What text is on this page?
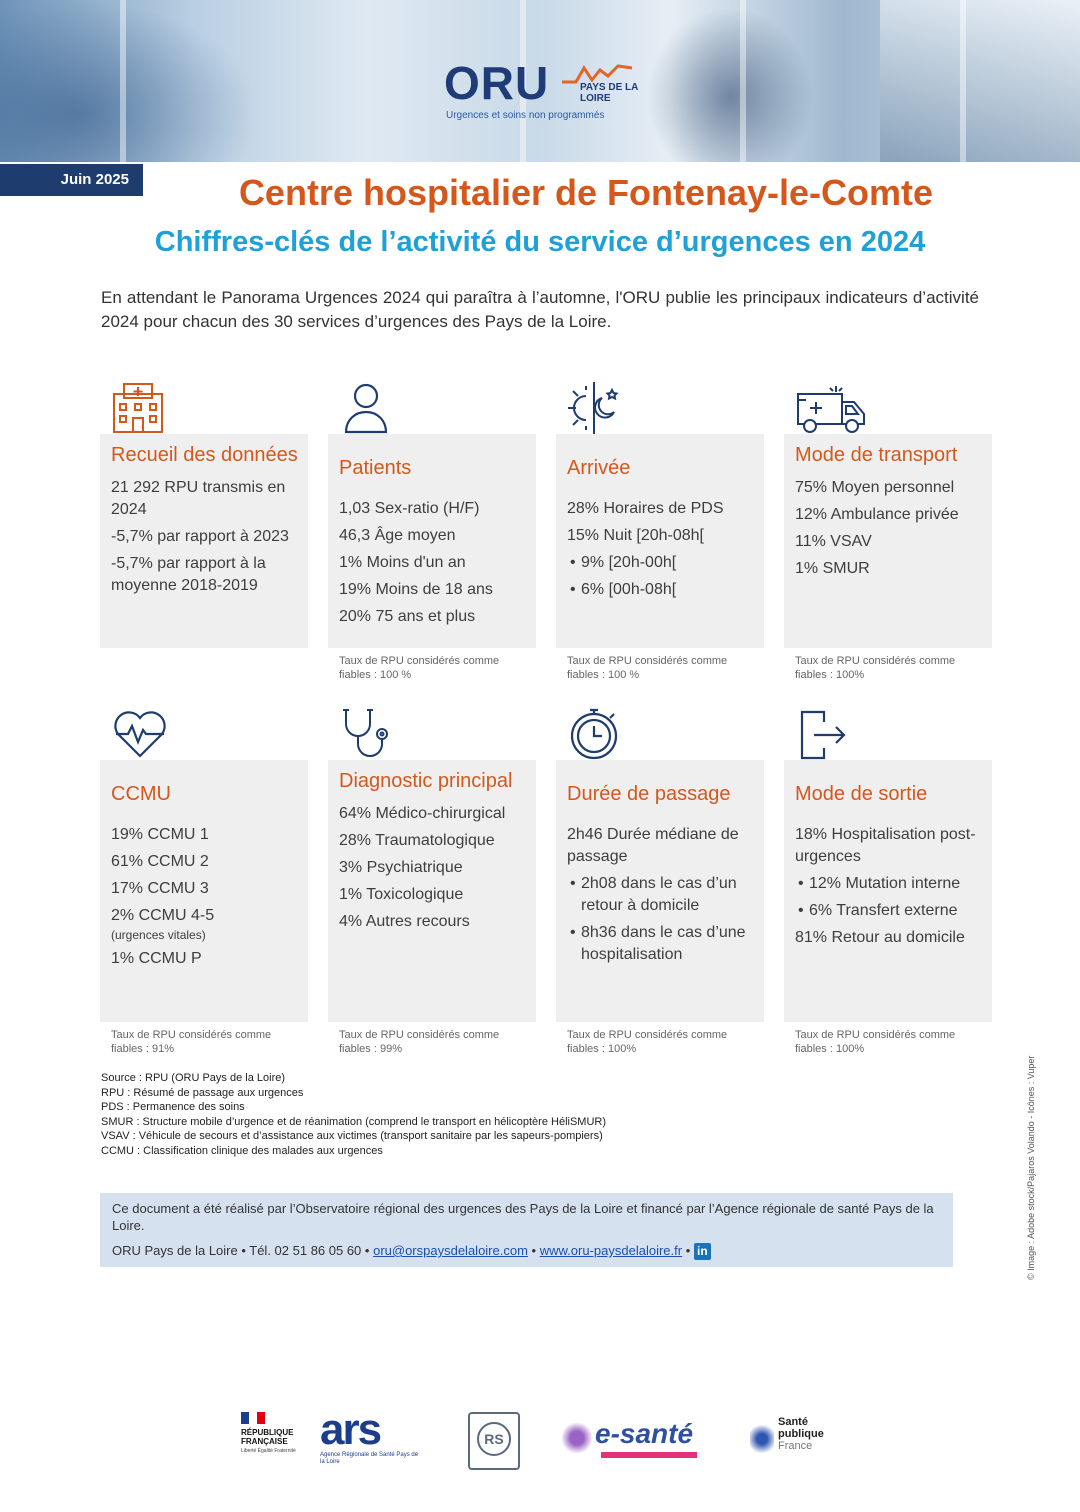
ORU	PAYS DE LA LOIRE
Urgences et soins non programmés
Juin 2025	Centre hospitalier de Fontenay-le-Comte
Chiffres-clés de l’activité du service d’urgences en 2024

En attendant le Panorama Urgences 2024 qui paraîtra à l’automne, l'ORU publie les principaux indicateurs d’activité 2024 pour chacun des 30 services d’urgences des Pays de la Loire.

Recueil des données
21 292 RPU transmis en 2024
-5,7% par rapport à 2023
-5,7% par rapport à la moyenne 2018-2019
Patients
1,03 Sex-ratio (H/F)
46,3 Âge moyen
1% Moins d'un an
19% Moins de 18 ans
20% 75 ans et plus
Taux de RPU considérés comme fiables : 100 %
Arrivée
28% Horaires de PDS
15% Nuit [20h-08h[
• 9% [20h-00h[
• 6% [00h-08h[
Taux de RPU considérés comme fiables : 100 %
Mode de transport
75% Moyen personnel
12% Ambulance privée
11% VSAV
1% SMUR
Taux de RPU considérés comme fiables : 100%
CCMU
19% CCMU 1
61% CCMU 2
17% CCMU 3
2% CCMU 4-5
(urgences vitales)
1% CCMU P
Taux de RPU considérés comme fiables : 91%
Diagnostic principal
64% Médico-chirurgical
28% Traumatologique
3% Psychiatrique
1% Toxicologique
4% Autres recours
Taux de RPU considérés comme fiables : 99%
Durée de passage
2h46 Durée médiane de passage
• 2h08 dans le cas d’un retour à domicile
• 8h36 dans le cas d’une hospitalisation
Taux de RPU considérés comme fiables : 100%
Mode de sortie
18% Hospitalisation post-urgences
• 12% Mutation interne
• 6% Transfert externe
81% Retour au domicile
Taux de RPU considérés comme fiables : 100%
Source : RPU (ORU Pays de la Loire)
RPU : Résumé de passage aux urgences
PDS : Permanence des soins
SMUR : Structure mobile d’urgence et de réanimation (comprend le transport en hélicoptère HéliSMUR)
VSAV : Véhicule de secours et d’assistance aux victimes (transport sanitaire par les sapeurs-pompiers)
CCMU : Classification clinique des malades aux urgences
Ce document a été réalisé par l’Observatoire régional des urgences des Pays de la Loire et financé par l’Agence régionale de santé Pays de la Loire.
ORU Pays de la Loire • Tél. 02 51 86 05 60 • oru@orspaysdelaloire.com • www.oru-paysdelaloire.fr • in	© Image : Adobe stock/Pajaros Volando - Icônes : Vuper
RÉPUBLIQUE FRANÇAISE
Liberté Égalité Fraternité ars
Agence Régionale de Santé Pays de la Loire
RS	e-santé	Santé publique
France
